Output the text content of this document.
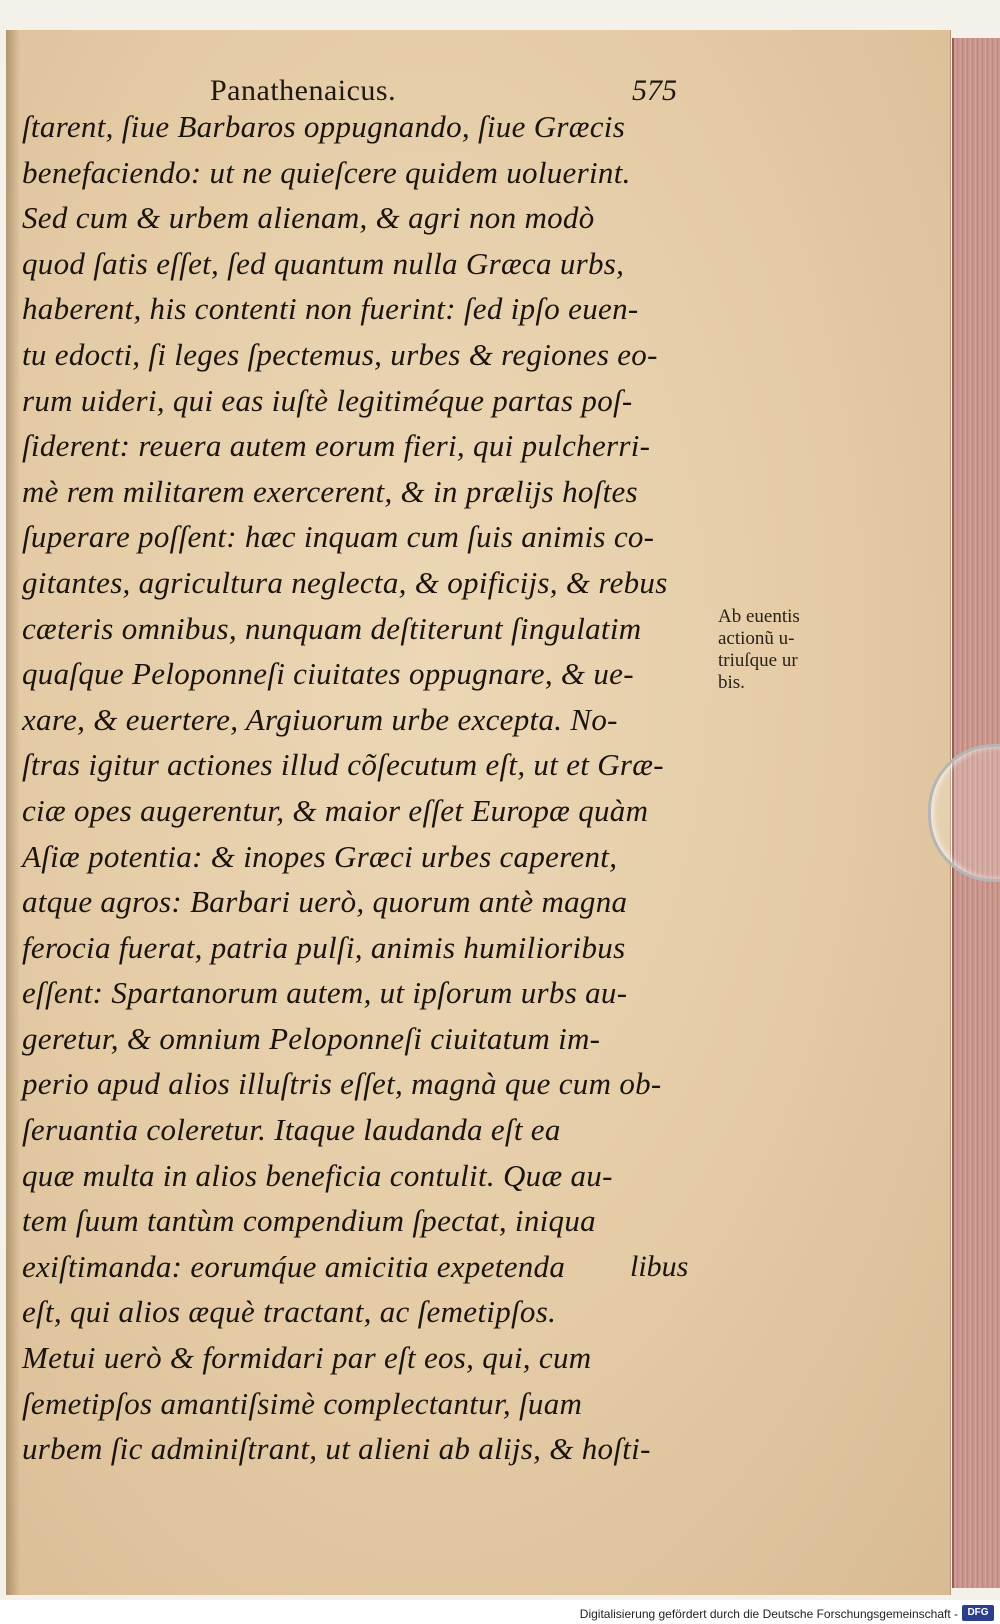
Panathenaicus.	575
ſtarent, ſiue Barbaros oppugnando, ſiue Græcis
benefaciendo: ut ne quieſcere quidem uoluerint.
Sed cum & urbem alienam, & agri non modò
quod ſatis eſſet, ſed quantum nulla Græca urbs,
haberent, his contenti non fuerint: ſed ipſo euen-
tu edocti, ſi leges ſpectemus, urbes & regiones eo-
rum uideri, qui eas iuſtè legitiméque partas poſ-
ſiderent: reuera autem eorum fieri, qui pulcherri-
mè rem militarem exercerent, & in prælijs hoſtes
ſuperare poſſent: hæc inquam cum ſuis animis co-
gitantes, agricultura neglecta, & opificijs, & rebus
cæteris omnibus, nunquam deſtiterunt ſingulatim
quaſque Peloponneſi ciuitates oppugnare, & ue-
xare, & euertere, Argiuorum urbe excepta. No-
ſtras igitur actiones illud cõſecutum eſt, ut et Græ-
ciæ opes augerentur, & maior eſſet Europæ quàm
Aſiæ potentia: & inopes Græci urbes caperent,
atque agros: Barbari uerò, quorum antè magna
ferocia fuerat, patria pulſi, animis humilioribus
eſſent: Spartanorum autem, ut ipſorum urbs au-
geretur, & omnium Peloponneſi ciuitatum im-
perio apud alios illuſtris eſſet, magnà que cum ob-
ſeruantia coleretur. Itaque laudanda eſt ea
quæ multa in alios beneficia contulit. Quæ au-
tem ſuum tantùm compendium ſpectat, iniqua
exiſtimanda: eorumq́ue amicitia expetenda
eſt, qui alios æquè tractant, ac ſemetipſos.
Metui uerò & formidari par eſt eos, qui, cum
ſemetipſos amantiſsimè complectantur, ſuam
urbem ſic adminiſtrant, ut alieni ab alijs, & hoſti-
Ab euentis
actionũ u-
triuſque ur
bis.
libus
Digitalisierung gefördert durch die Deutsche Forschungsgemeinschaft - DFG
